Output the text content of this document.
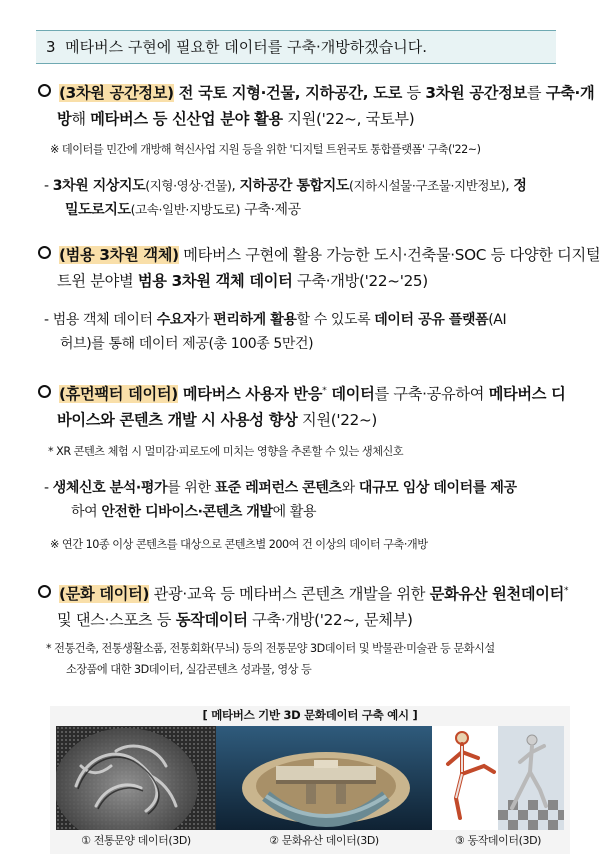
3 메타버스 구현에 필요한 데이터를 구축·개방하겠습니다.
(3차원 공간정보) 전 국토 지형·건물, 지하공간, 도로 등 3차원 공간정보를 구축·개
방해 메타버스 등 신산업 분야 활용 지원('22~, 국토부)
※ 데이터를 민간에 개방해 혁신사업 지원 등을 위한 '디지털 트윈국토 통합플랫폼' 구축('22~)
- 3차원 지상지도(지형·영상·건물), 지하공간 통합지도(지하시설물·구조물·지반정보), 정
밀도로지도(고속·일반·지방도로) 구축·제공
(범용 3차원 객체) 메타버스 구현에 활용 가능한 도시·건축물·SOC 등 다양한 디지털
트윈 분야별 범용 3차원 객체 데이터 구축·개방('22~'25)
- 범용 객체 데이터 수요자가 편리하게 활용할 수 있도록 데이터 공유 플랫폼(AI
허브)를 통해 데이터 제공(총 100종 5만건)
(휴먼팩터 데이터) 메타버스 사용자 반응* 데이터를 구축·공유하여 메타버스 디
바이스와 콘텐츠 개발 시 사용성 향상 지원('22~)
* XR 콘텐츠 체험 시 멀미감·피로도에 미치는 영향을 추론할 수 있는 생체신호
- 생체신호 분석·평가를 위한 표준 레퍼런스 콘텐츠와 대규모 임상 데이터를 제공
하여 안전한 디바이스·콘텐츠 개발에 활용
※ 연간 10종 이상 콘텐츠를 대상으로 콘텐츠별 200여 건 이상의 데이터 구축·개방
(문화 데이터) 관광·교육 등 메타버스 콘텐츠 개발을 위한 문화유산 원천데이터*
및 댄스·스포츠 등 동작데이터 구축·개방('22~, 문체부)
* 전통건축, 전통생활소품, 전통회화(무늬) 등의 전통문양 3D데이터 및 박물관·미술관 등 문화시설
소장품에 대한 3D데이터, 실감콘텐츠 성과물, 영상 등
[ 메타버스 기반 3D 문화데이터 구축 예시 ]
① 전통문양 데이터(3D)	② 문화유산 데이터(3D)	③ 동작데이터(3D)
